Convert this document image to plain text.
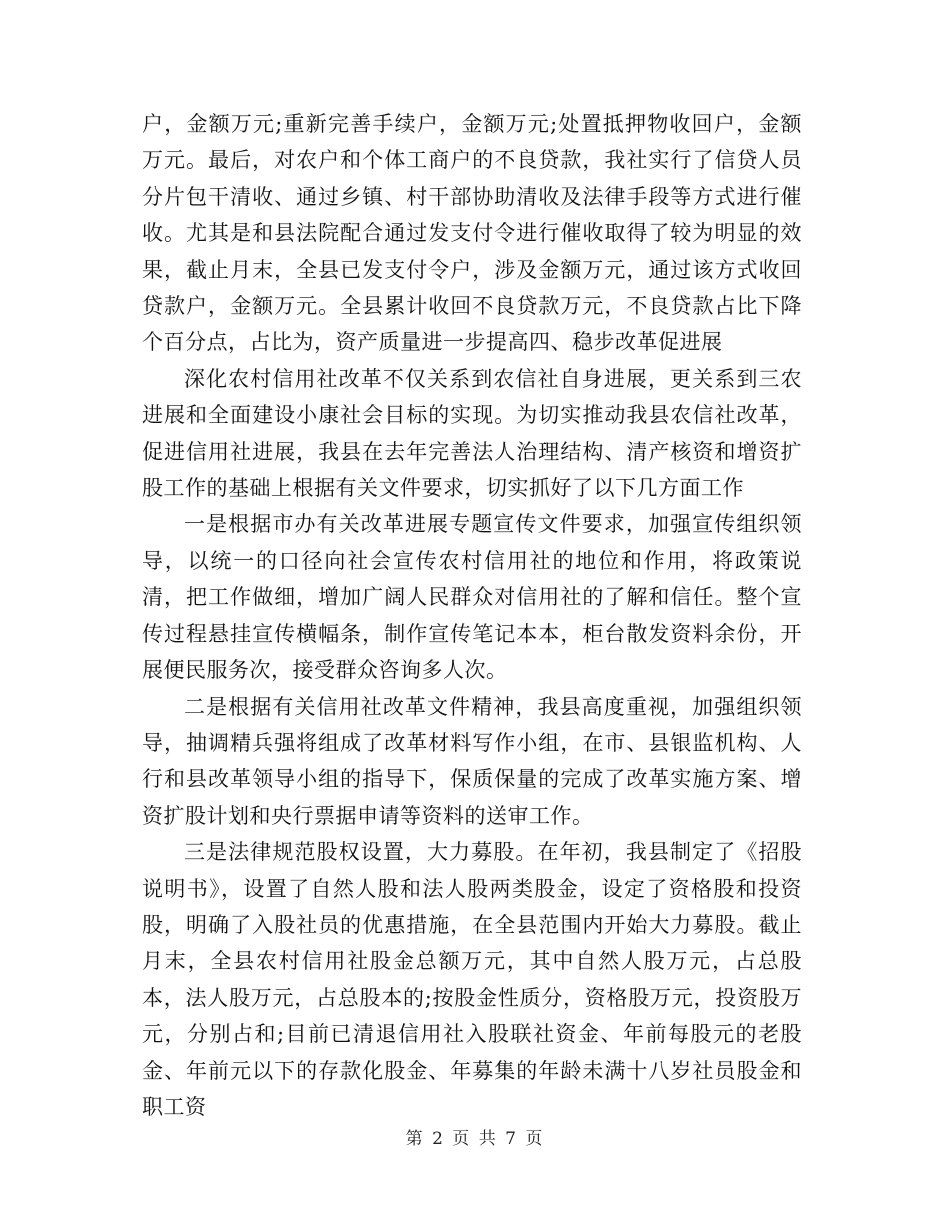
户，金额万元;重新完善手续户，金额万元;处置抵押物收回户，金额万元。最后，对农户和个体工商户的不良贷款，我社实行了信贷人员分片包干清收、通过乡镇、村干部协助清收及法律手段等方式进行催收。尤其是和县法院配合通过发支付令进行催收取得了较为明显的效果，截止月末，全县已发支付令户，涉及金额万元，通过该方式收回贷款户，金额万元。全县累计收回不良贷款万元，不良贷款占比下降个百分点，占比为，资产质量进一步提高四、稳步改革促进展

深化农村信用社改革不仅关系到农信社自身进展，更关系到三农进展和全面建设小康社会目标的实现。为切实推动我县农信社改革，促进信用社进展，我县在去年完善法人治理结构、清产核资和增资扩股工作的基础上根据有关文件要求，切实抓好了以下几方面工作

一是根据市办有关改革进展专题宣传文件要求，加强宣传组织领导，以统一的口径向社会宣传农村信用社的地位和作用，将政策说清，把工作做细，增加广阔人民群众对信用社的了解和信任。整个宣传过程悬挂宣传横幅条，制作宣传笔记本本，柜台散发资料余份，开展便民服务次，接受群众咨询多人次。

二是根据有关信用社改革文件精神，我县高度重视，加强组织领导，抽调精兵强将组成了改革材料写作小组，在市、县银监机构、人行和县改革领导小组的指导下，保质保量的完成了改革实施方案、增资扩股计划和央行票据申请等资料的送审工作。

三是法律规范股权设置，大力募股。在年初，我县制定了《招股说明书》，设置了自然人股和法人股两类股金，设定了资格股和投资股，明确了入股社员的优惠措施，在全县范围内开始大力募股。截止月末，全县农村信用社股金总额万元，其中自然人股万元，占总股本，法人股万元，占总股本的;按股金性质分，资格股万元，投资股万元，分别占和;目前已清退信用社入股联社资金、年前每股元的老股金、年前元以下的存款化股金、年募集的年龄未满十八岁社员股金和职工资

第 2 页 共 7 页
